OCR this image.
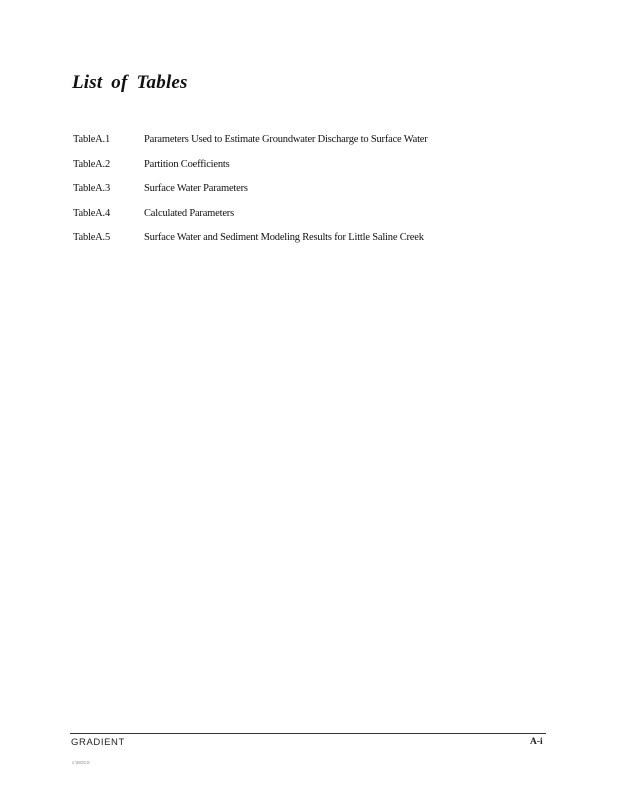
List of Tables
TableA.1	Parameters Used to Estimate Groundwater Discharge to Surface Water
TableA.2	Partition Coefficients
TableA.3	Surface Water Parameters
TableA.4	Calculated Parameters
TableA.5	Surface Water and Sediment Modeling Results for Little Saline Creek
GRADIENT	A-i
c:\DOCS
